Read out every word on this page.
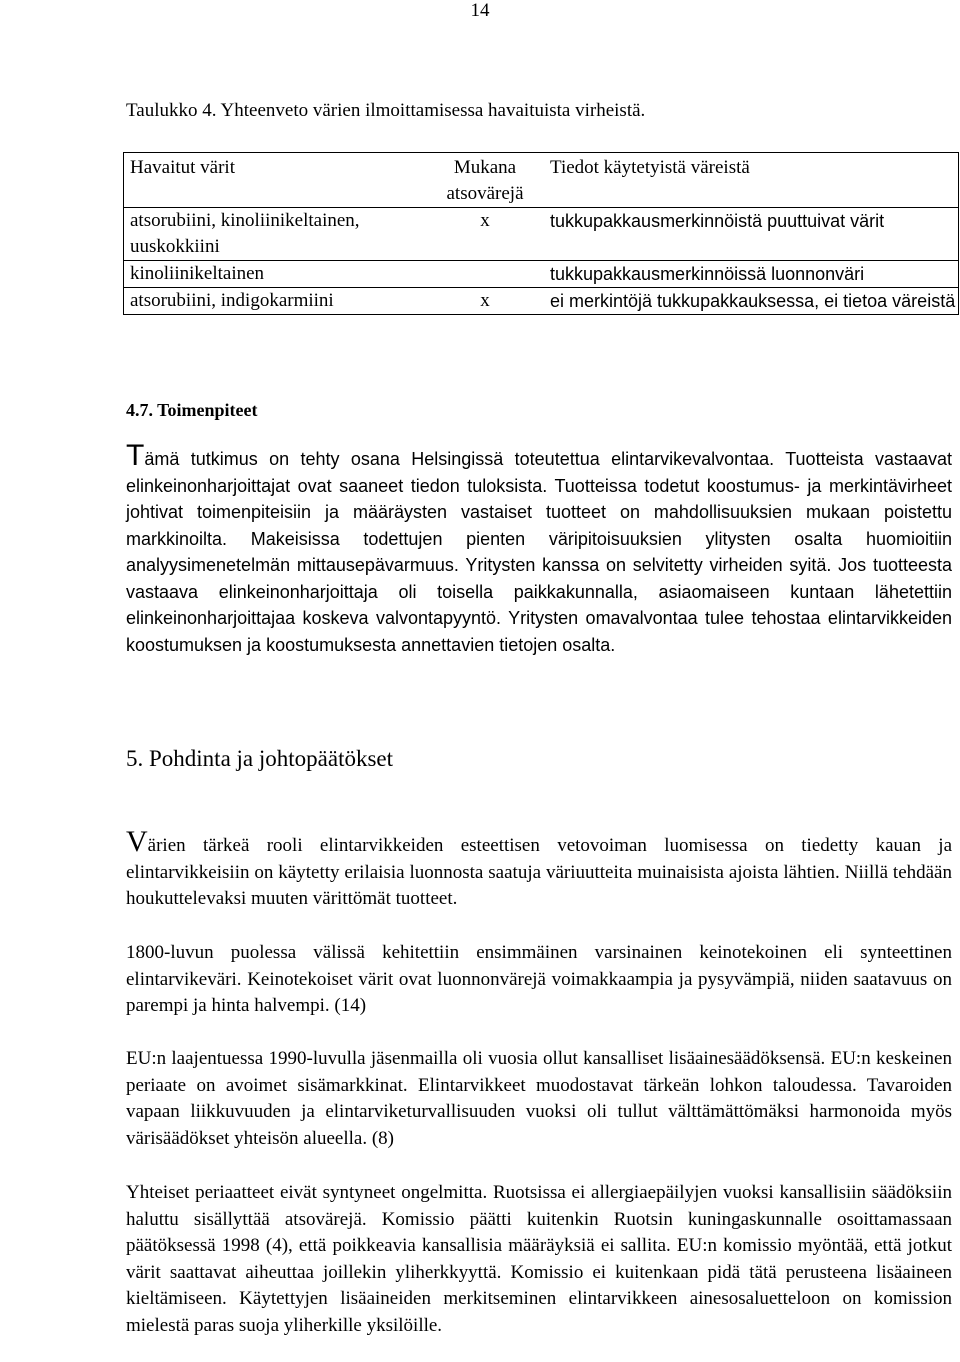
14
Taulukko 4. Yhteenveto värien ilmoittamisessa havaituista virheistä.
Havaitut värit	Mukana atsovärejä	Tiedot käytetyistä väreistä
atsorubiini, kinoliinikeltainen, uuskokkiini	x	tukkupakkausmerkinnöistä puuttuivat värit
kinoliinikeltainen		tukkupakkausmerkinnöissä luonnonväri
atsorubiini, indigokarmiini	x	ei merkintöjä tukkupakkauksessa, ei tietoa väreistä
4.7. Toimenpiteet

Tämä tutkimus on tehty osana Helsingissä toteutettua elintarvikevalvontaa. Tuotteista vastaavat elinkeinonharjoittajat ovat saaneet tiedon tuloksista. Tuotteissa todetut koostumus- ja merkintävirheet johtivat toimenpiteisiin ja määräysten vastaiset tuotteet on mahdollisuuksien mukaan poistettu markkinoilta. Makeisissa todettujen pienten väripitoisuuksien ylitysten osalta huomioitiin analyysimenetelmän mittausepävarmuus. Yritysten kanssa on selvitetty virheiden syitä. Jos tuotteesta vastaava elinkeinonharjoittaja oli toisella paikkakunnalla, asiaomaiseen kuntaan lähetettiin elinkeinonharjoittajaa koskeva valvontapyyntö. Yritysten omavalvontaa tulee tehostaa elintarvikkeiden koostumuksen ja koostumuksesta annettavien tietojen osalta.

5. Pohdinta ja johtopäätökset

Värien tärkeä rooli elintarvikkeiden esteettisen vetovoiman luomisessa on tiedetty kauan ja elintarvikkeisiin on käytetty erilaisia luonnosta saatuja väriuutteita muinaisista ajoista lähtien. Niillä tehdään houkuttelevaksi muuten värittömät tuotteet.

1800-luvun puolessa välissä kehitettiin ensimmäinen varsinainen keinotekoinen eli synteettinen elintarvikeväri. Keinotekoiset värit ovat luonnonvärejä voimakkaampia ja pysyvämpiä, niiden saatavuus on parempi ja hinta halvempi. (14)

EU:n laajentuessa 1990-luvulla jäsenmailla oli vuosia ollut kansalliset lisäainesäädöksensä. EU:n keskeinen periaate on avoimet sisämarkkinat. Elintarvikkeet muodostavat tärkeän lohkon taloudessa. Tavaroiden vapaan liikkuvuuden ja elintarviketurvallisuuden vuoksi oli tullut välttämättömäksi harmonoida myös värisäädökset yhteisön alueella. (8)

Yhteiset periaatteet eivät syntyneet ongelmitta. Ruotsissa ei allergiaepäilyjen vuoksi kansallisiin säädöksiin haluttu sisällyttää atsovärejä. Komissio päätti kuitenkin Ruotsin kuningaskunnalle osoittamassaan päätöksessä 1998 (4), että poikkeavia kansallisia määräyksiä ei sallita. EU:n komissio myöntää, että jotkut värit saattavat aiheuttaa joillekin yliherkkyyttä. Komissio ei kuitenkaan pidä tätä perusteena lisäaineen kieltämiseen. Käytettyjen lisäaineiden merkitseminen elintarvikkeen ainesosaluetteloon on komission mielestä paras suoja yliherkille yksilöille.
